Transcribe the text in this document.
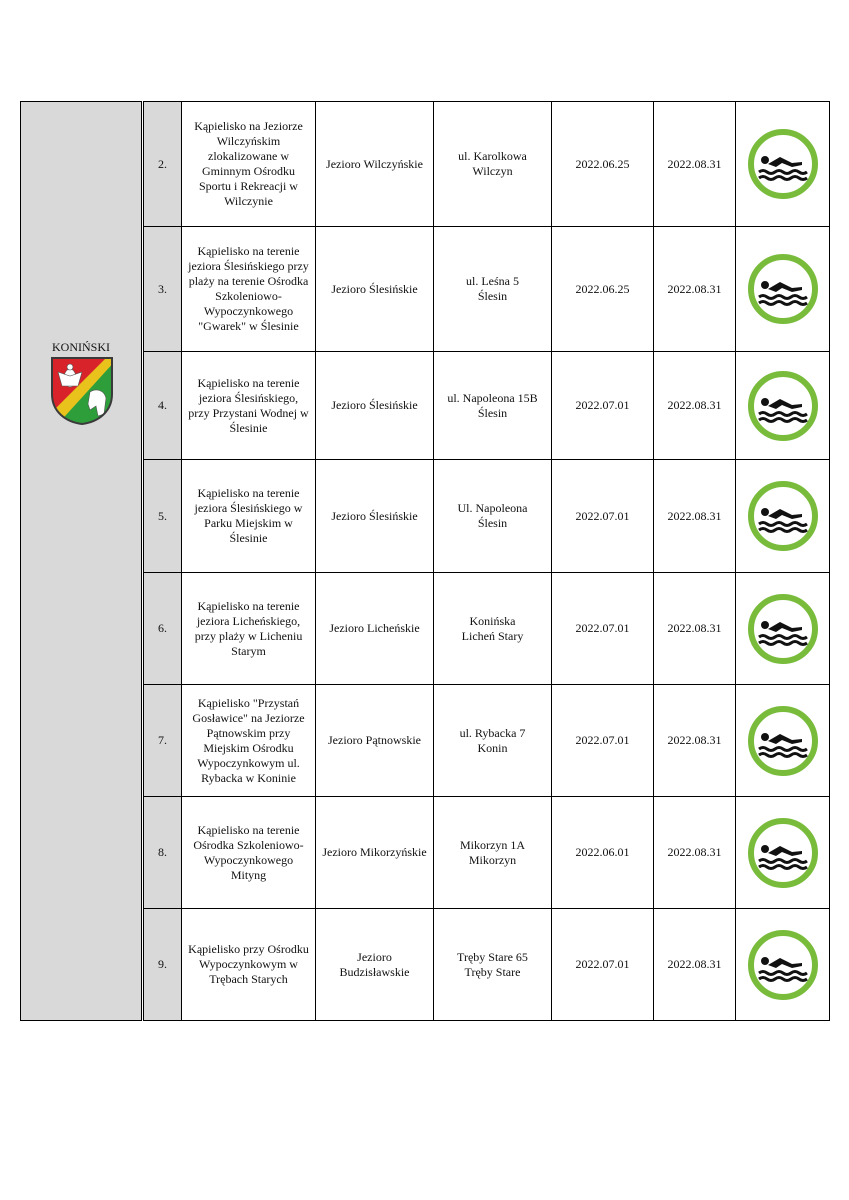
KONIŃSKI
2.	Kąpielisko na Jeziorze Wilczyńskim zlokalizowane w Gminnym Ośrodku Sportu i Rekreacji w Wilczynie	Jezioro Wilczyńskie	ul. Karolkowa
Wilczyn	2022.06.25	2022.08.31	

3.	Kąpielisko na terenie jeziora Ślesińskiego przy plaży na terenie Ośrodka Szkoleniowo-Wypoczynkowego "Gwarek" w Ślesinie	Jezioro Ślesińskie	ul. Leśna 5
Ślesin	2022.06.25	2022.08.31	

4.	Kąpielisko na terenie jeziora Ślesińskiego, przy Przystani Wodnej w Ślesinie	Jezioro Ślesińskie	ul. Napoleona 15B
Ślesin	2022.07.01	2022.08.31	

5.	Kąpielisko na terenie jeziora Ślesińskiego w Parku Miejskim w Ślesinie	Jezioro Ślesińskie	Ul. Napoleona
Ślesin	2022.07.01	2022.08.31	

6.	Kąpielisko na terenie jeziora Licheńskiego, przy plaży w Licheniu Starym	Jezioro Licheńskie	Konińska
Licheń Stary	2022.07.01	2022.08.31	

7.	Kąpielisko "Przystań Gosławice" na Jeziorze Pątnowskim przy Miejskim Ośrodku Wypoczynkowym ul. Rybacka w Koninie	Jezioro Pątnowskie	ul. Rybacka 7
Konin	2022.07.01	2022.08.31	

8.	Kąpielisko na terenie Ośrodka Szkoleniowo-Wypoczynkowego Mityng	Jezioro Mikorzyńskie	Mikorzyn 1A
Mikorzyn	2022.06.01	2022.08.31	

9.	Kąpielisko przy Ośrodku Wypoczynkowym w Trębach Starych	Jezioro Budzisławskie	Tręby Stare 65
Tręby Stare	2022.07.01	2022.08.31	
